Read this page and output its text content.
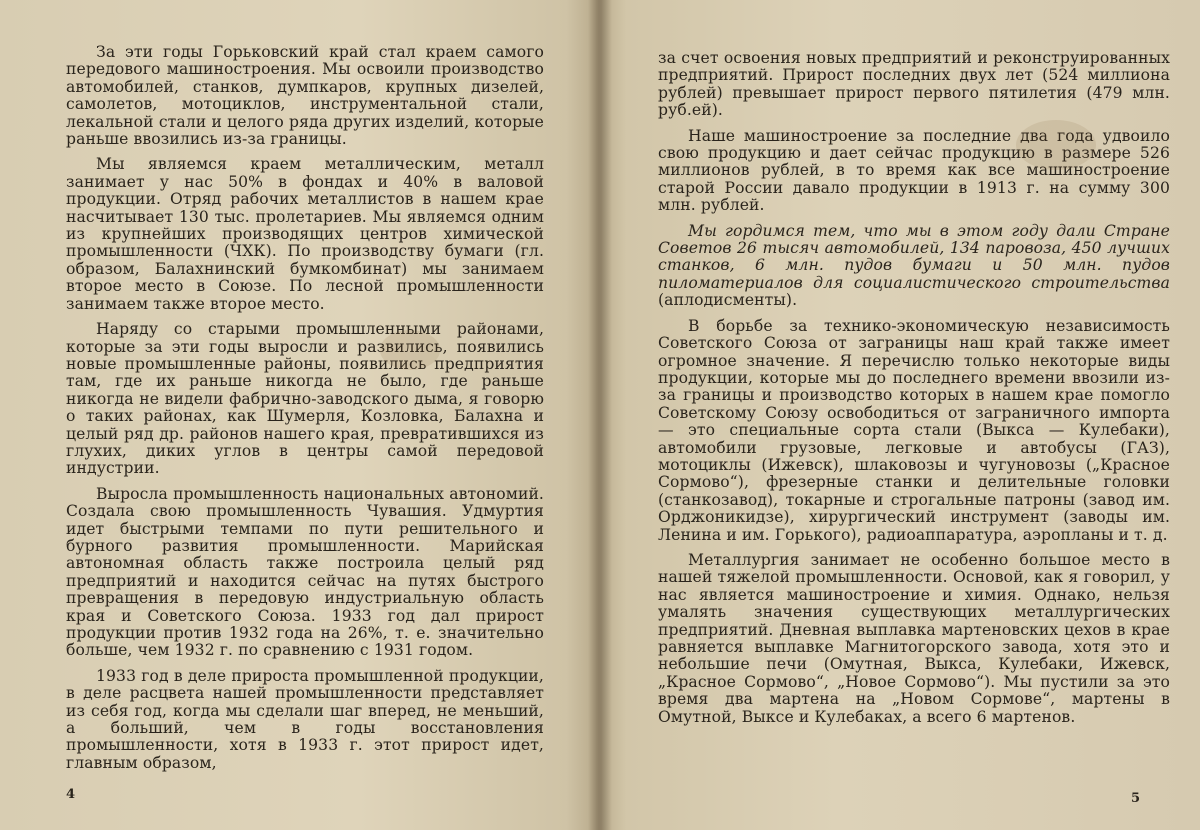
За эти годы Горьковский край стал краем самого передового машиностроения. Мы освоили производство автомобилей, станков, думпкаров, крупных дизелей, самолетов, мотоциклов, инструментальной стали, лекальной стали и целого ряда других изделий, которые раньше ввозились из-за границы.

Мы являемся краем металлическим, металл занимает у нас 50% в фондах и 40% в валовой продукции. Отряд рабочих металлистов в нашем крае насчитывает 130 тыс. пролетариев. Мы являемся одним из крупнейших производящих центров химической промышленности (ЧХК). По производству бумаги (гл. образом, Балахнинский бумкомбинат) мы занимаем второе место в Союзе. По лесной промышленности занимаем также второе место.

Наряду со старыми промышленными районами, которые за эти годы выросли и развились, появились новые промышленные районы, появились предприятия там, где их раньше никогда не было, где раньше никогда не видели фабрично-заводского дыма, я говорю о таких районах, как Шумерля, Козловка, Балахна и целый ряд др. районов нашего края, превратившихся из глухих, диких углов в центры самой передовой индустрии.

Выросла промышленность национальных автономий. Создала свою промышленность Чувашия. Удмуртия идет быстрыми темпами по пути решительного и бурного развития промышленности. Марийская автономная область также построила целый ряд предприятий и находится сейчас на путях быстрого превращения в передовую индустриальную область края и Советского Союза. 1933 год дал прирост продукции против 1932 года на 26%, т. е. значительно больше, чем 1932 г. по сравнению с 1931 годом.

1933 год в деле прироста промышленной продукции, в деле расцвета нашей промышленности представляет из себя год, когда мы сделали шаг вперед, не меньший, а больший, чем в годы восстановления промышленности, хотя в 1933 г. этот прирост идет, главным образом,

4

за счет освоения новых предприятий и реконструированных предприятий. Прирост последних двух лет (524 миллиона рублей) превышает прирост первого пятилетия (479 млн. руб.ей).

Наше машиностроение за последние два года удвоило свою продукцию и дает сейчас продукцию в размере 526 миллионов рублей, в то время как все машиностроение старой России давало продукции в 1913 г. на сумму 300 млн. рублей.

Мы гордимся тем, что мы в этом году дали Стране Советов 26 тысяч автомобилей, 134 паровоза, 450 лучших станков, 6 млн. пудов бумаги и 50 млн. пудов пиломатериалов для социалистического строительства (аплодисменты).

В борьбе за технико-экономическую независимость Советского Союза от заграницы наш край также имеет огромное значение. Я перечислю только некоторые виды продукции, которые мы до последнего времени ввозили из-за границы и производство которых в нашем крае помогло Советскому Союзу освободиться от заграничного импорта — это специальные сорта стали (Выкса — Кулебаки), автомобили грузовые, легковые и автобусы (ГАЗ), мотоциклы (Ижевск), шлаковозы и чугуновозы („Красное Сормово“), фрезерные станки и делительные головки (станкозавод), токарные и строгальные патроны (завод им. Орджоникидзе), хирургический инструмент (заводы им. Ленина и им. Горького), радиоаппаратура, аэропланы и т. д.

Металлургия занимает не особенно большое место в нашей тяжелой промышленности. Основой, как я говорил, у нас является машиностроение и химия. Однако, нельзя умалять значения существующих металлургических предприятий. Дневная выплавка мартеновских цехов в крае равняется выплавке Магнитогорского завода, хотя это и небольшие печи (Омутная, Выкса, Кулебаки, Ижевск, „Красное Сормово“, „Новое Сормово“). Мы пустили за это время два мартена на „Новом Сормове“, мартены в Омутной, Выксе и Кулебаках, а всего 6 мартенов.

5
